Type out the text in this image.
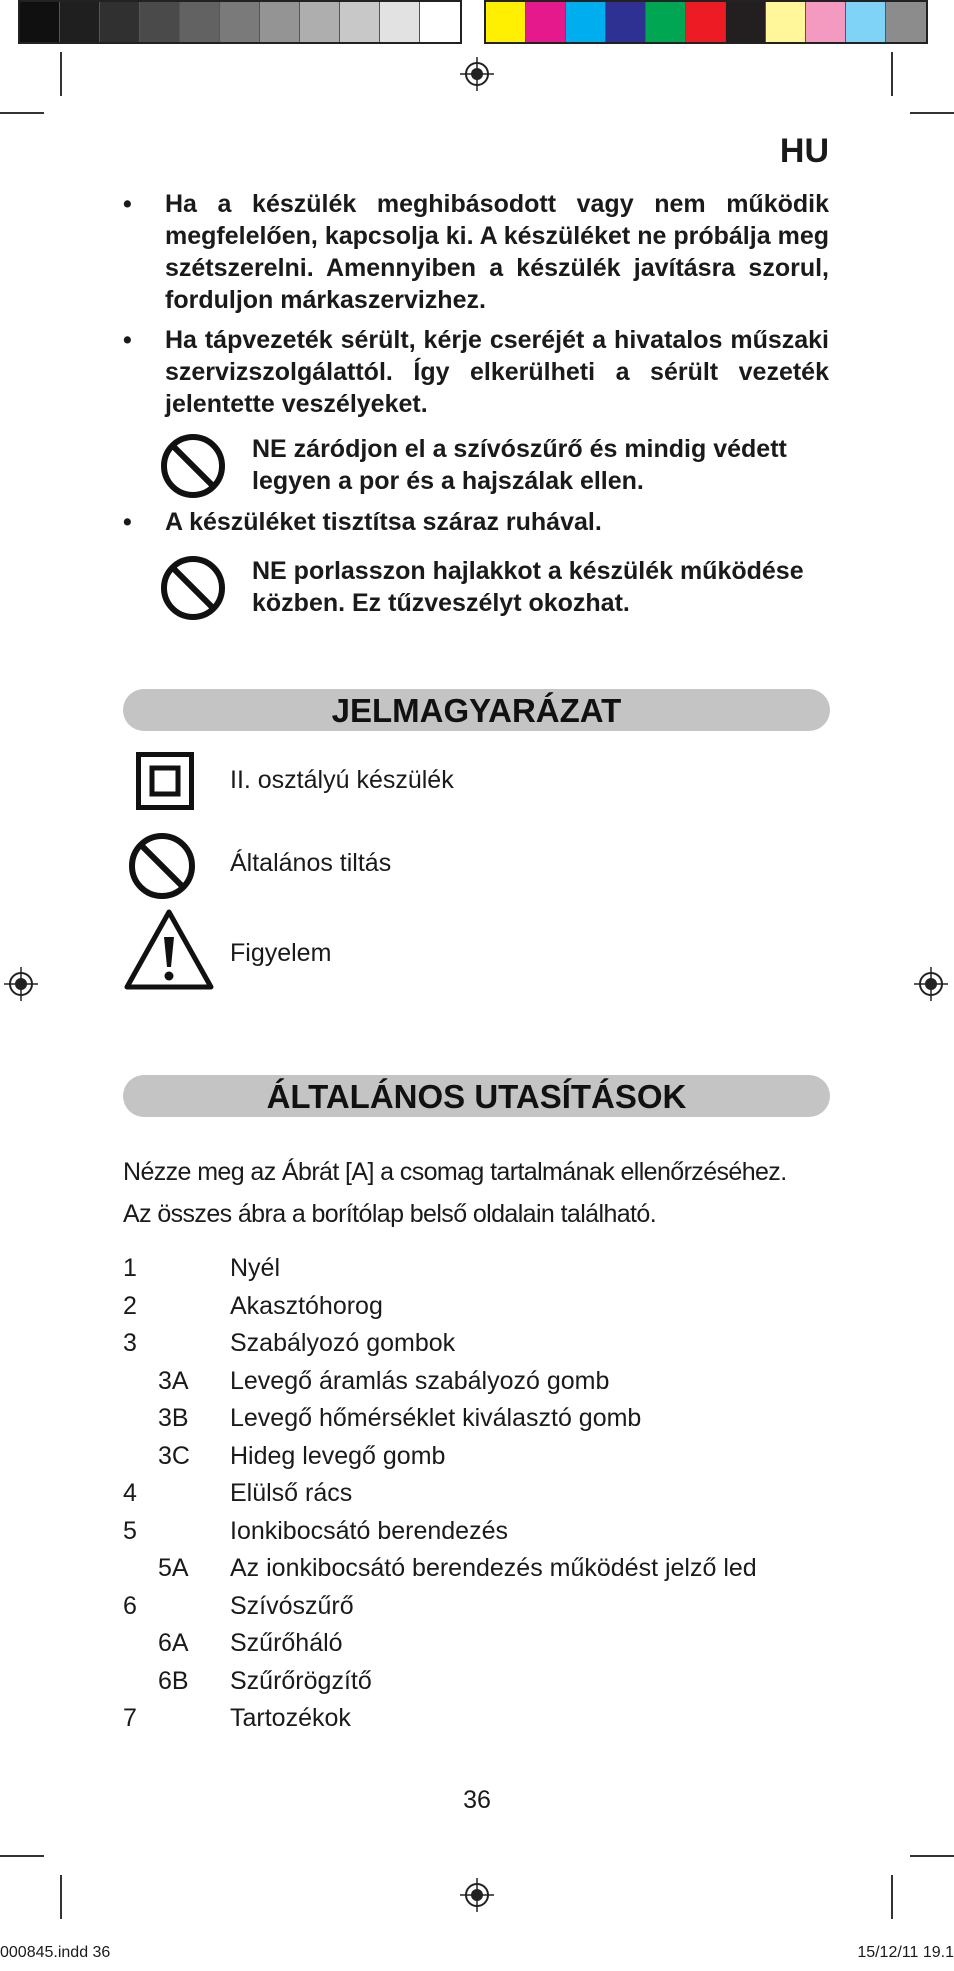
HU
• Ha a készülék meghibásodott vagy nem működik megfelelően, kapcsolja ki. A készüléket ne próbálja meg szétszerelni. Amennyiben a készülék javításra szorul, forduljon márkaszervizhez.
• Ha tápvezeték sérült, kérje cseréjét a hivatalos műszaki szervizszolgálattól. Így elkerülheti a sérült vezeték jelentette veszélyeket.
NE záródjon el a szívószűrő és mindig védett legyen a por és a hajszálak ellen.
• A készüléket tisztítsa száraz ruhával.
NE porlasszon hajlakkot a készülék működése közben. Ez tűzveszélyt okozhat.
JELMAGYARÁZAT
II. osztályú készülék
Általános tiltás
Figyelem
ÁLTALÁNOS UTASÍTÁSOK
Nézze meg az Ábrát [A] a csomag tartalmának ellenőrzéséhez.
Az összes ábra a borítólap belső oldalain található.
1	Nyél
2	Akasztóhorog
3	Szabályozó gombok
3A Levegő áramlás szabályozó gomb
3B Levegő hőmérséklet kiválasztó gomb
3C Hideg levegő gomb
4	Elülső rács
5	Ionkibocsátó berendezés
5A Az ionkibocsátó berendezés működést jelző led
6	Szívószűrő
6A Szűrőháló
6B Szűrőrögzítő
7	Tartozékok
36
000845.indd 36	15/12/11 19.1
